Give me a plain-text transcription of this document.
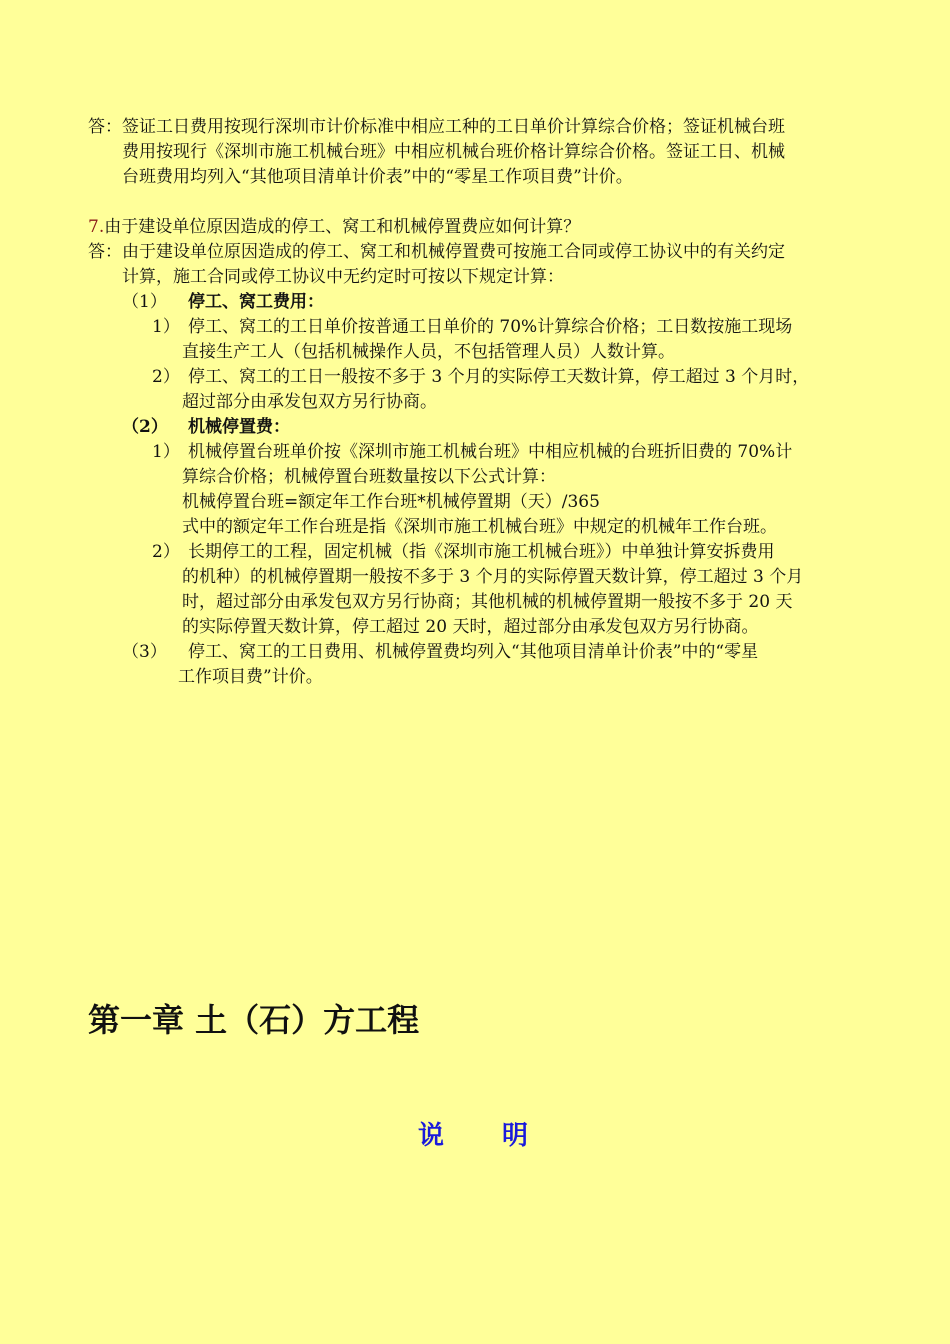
答：签证工日费用按现行深圳市计价标准中相应工种的工日单价计算综合价格；签证机械台班
费用按现行《深圳市施工机械台班》中相应机械台班价格计算综合价格。签证工日、机械
台班费用均列入“其他项目清单计价表”中的“零星工作项目费”计价。
7.由于建设单位原因造成的停工、窝工和机械停置费应如何计算？
答：由于建设单位原因造成的停工、窝工和机械停置费可按施工合同或停工协议中的有关约定
计算，施工合同或停工协议中无约定时可按以下规定计算：
（1） 停工、窝工费用：
1） 停工、窝工的工日单价按普通工日单价的 70%计算综合价格；工日数按施工现场
直接生产工人（包括机械操作人员，不包括管理人员）人数计算。
2） 停工、窝工的工日一般按不多于 3 个月的实际停工天数计算，停工超过 3 个月时，
超过部分由承发包双方另行协商。
（2） 机械停置费：
1） 机械停置台班单价按《深圳市施工机械台班》中相应机械的台班折旧费的 70%计
算综合价格；机械停置台班数量按以下公式计算：
机械停置台班=额定年工作台班*机械停置期（天）/365
式中的额定年工作台班是指《深圳市施工机械台班》中规定的机械年工作台班。
2） 长期停工的工程，固定机械（指《深圳市施工机械台班》）中单独计算安拆费用
的机种）的机械停置期一般按不多于 3 个月的实际停置天数计算，停工超过 3 个月
时，超过部分由承发包双方另行协商；其他机械的机械停置期一般按不多于 20 天
的实际停置天数计算，停工超过 20 天时，超过部分由承发包双方另行协商。
（3） 停工、窝工的工日费用、机械停置费均列入“其他项目清单计价表”中的“零星
工作项目费”计价。
第一章 土（石）方工程
说 明
